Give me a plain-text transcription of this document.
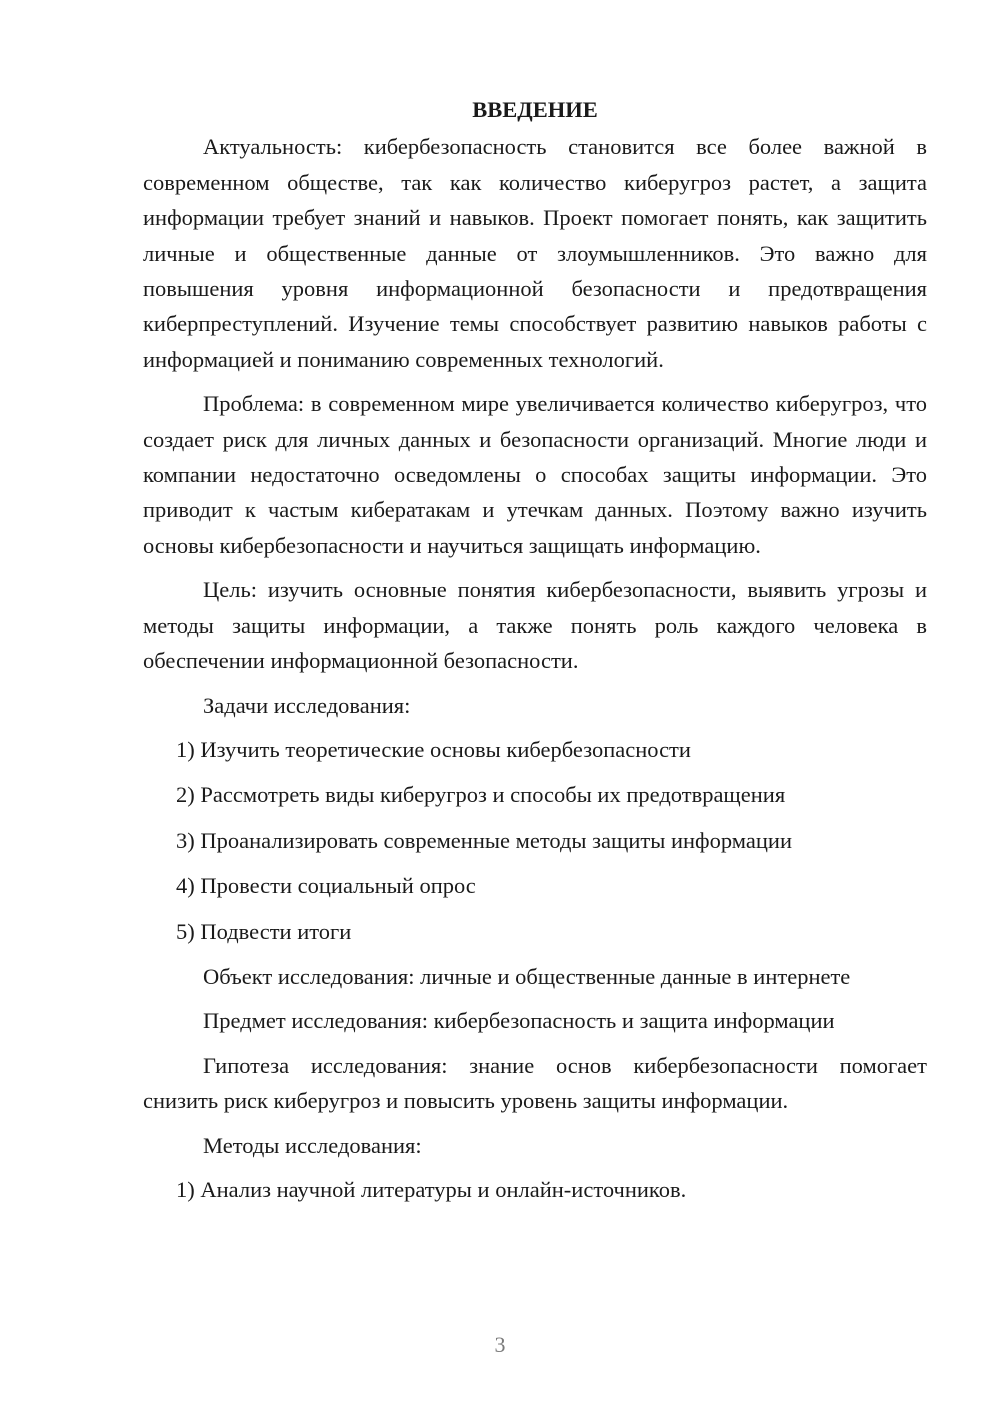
ВВЕДЕНИЕ

Актуальность: кибербезопасность становится все более важной в современном обществе, так как количество киберугроз растет, а защита информации требует знаний и навыков. Проект помогает понять, как защитить личные и общественные данные от злоумышленников. Это важно для повышения уровня информационной безопасности и предотвращения киберпреступлений. Изучение темы способствует развитию навыков работы с информацией и пониманию современных технологий.

Проблема: в современном мире увеличивается количество киберугроз, что создает риск для личных данных и безопасности организаций. Многие люди и компании недостаточно осведомлены о способах защиты информации. Это приводит к частым кибератакам и утечкам данных. Поэтому важно изучить основы кибербезопасности и научиться защищать информацию.

Цель: изучить основные понятия кибербезопасности, выявить угрозы и методы защиты информации, а также понять роль каждого человека в обеспечении информационной безопасности.

Задачи исследования:

1) Изучить теоретические основы кибербезопасности
2) Рассмотреть виды киберугроз и способы их предотвращения
3) Проанализировать современные методы защиты информации
4) Провести социальный опрос
5) Подвести итоги

Объект исследования: личные и общественные данные в интернете

Предмет исследования: кибербезопасность и защита информации

Гипотеза исследования: знание основ кибербезопасности помогает снизить риск киберугроз и повысить уровень защиты информации.

Методы исследования:

1) Анализ научной литературы и онлайн-источников.
3
